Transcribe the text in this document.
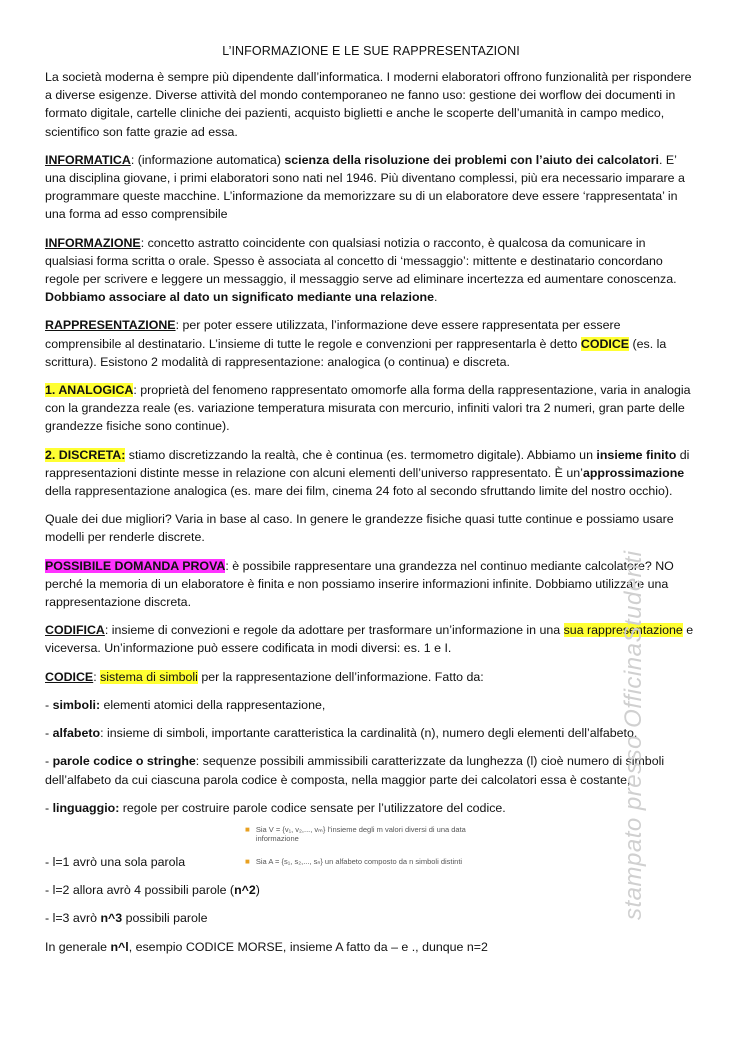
L’INFORMAZIONE E LE SUE RAPPRESENTAZIONI

La società moderna è sempre più dipendente dall’informatica. I moderni elaboratori offrono funzionalità per rispondere a diverse esigenze. Diverse attività del mondo contemporaneo ne fanno uso: gestione dei worflow dei documenti in formato digitale, cartelle cliniche dei pazienti, acquisto biglietti e anche le scoperte dell’umanità in campo medico, scientifico son fatte grazie ad essa.

INFORMATICA: (informazione automatica) scienza della risoluzione dei problemi con l’aiuto dei calcolatori. E’ una disciplina giovane, i primi elaboratori sono nati nel 1946. Più diventano complessi, più era necessario imparare a programmare queste macchine. L’informazione da memorizzare su di un elaboratore deve essere ‘rappresentata’ in una forma ad esso comprensibile

INFORMAZIONE: concetto astratto coincidente con qualsiasi notizia o racconto, è qualcosa da comunicare in qualsiasi forma scritta o orale. Spesso è associata al concetto di ‘messaggio’: mittente e destinatario concordano regole per scrivere e leggere un messaggio, il messaggio serve ad eliminare incertezza ed aumentare conoscenza. Dobbiamo associare al dato un significato mediante una relazione.

RAPPRESENTAZIONE: per poter essere utilizzata, l’informazione deve essere rappresentata per essere comprensibile al destinatario. L’insieme di tutte le regole e convenzioni per rappresentarla è detto CODICE (es. la scrittura). Esistono 2 modalità di rappresentazione: analogica (o continua) e discreta.

1. ANALOGICA: proprietà del fenomeno rappresentato omomorfe alla forma della rappresentazione, varia in analogia con la grandezza reale (es. variazione temperatura misurata con mercurio, infiniti valori tra 2 numeri, gran parte delle grandezze fisiche sono continue).

2. DISCRETA: stiamo discretizzando la realtà, che è continua (es. termometro digitale). Abbiamo un insieme finito di rappresentazioni distinte messe in relazione con alcuni elementi dell’universo rappresentato. È un’approssimazione della rappresentazione analogica (es. mare dei film, cinema 24 foto al secondo sfruttando limite del nostro occhio).

Quale dei due migliori? Varia in base al caso. In genere le grandezze fisiche quasi tutte continue e possiamo usare modelli per renderle discrete.

POSSIBILE DOMANDA PROVA: è possibile rappresentare una grandezza nel continuo mediante calcolatore? NO perché la memoria di un elaboratore è finita e non possiamo inserire informazioni infinite. Dobbiamo utilizzare una rappresentazione discreta.

CODIFICA: insieme di convezioni e regole da adottare per trasformare un’informazione in una sua rappresentazione e viceversa. Un’informazione può essere codificata in modi diversi: es. 1 e I.

CODICE: sistema di simboli per la rappresentazione dell’informazione. Fatto da:

- simboli: elementi atomici della rappresentazione,

- alfabeto: insieme di simboli, importante caratteristica la cardinalità (n), numero degli elementi dell’alfabeto,

- parole codice o stringhe: sequenze possibili ammissibili caratterizzate da lunghezza (l) cioè numero di simboli dell’alfabeto da cui ciascuna parola codice è composta, nella maggior parte dei calcolatori essa è costante,

- linguaggio: regole per costruire parole codice sensate per l’utilizzatore del codice.

■ Sia V = {v₁, v₂,..., vₘ} l’insieme degli m valori diversi di una data
informazione
■ Sia A = {s₁, s₂,..., sₙ} un alfabeto composto da n simboli distinti

- l=1 avrò una sola parola

- l=2 allora avrò 4 possibili parole (n^2)

- l=3 avrò n^3 possibili parole

In generale n^l, esempio CODICE MORSE, insieme A fatto da – e ., dunque n=2

stampato presso OfficinaStudenti
